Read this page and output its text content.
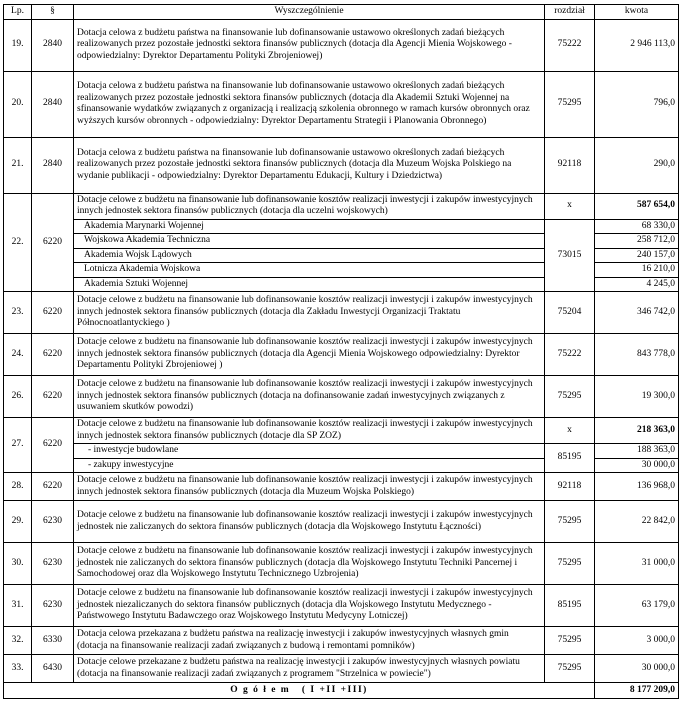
Lp.	§	Wyszczególnienie	rozdział	kwota
19.	2840	Dotacja celowa z budżetu państwa na finansowanie lub dofinansowanie ustawowo określonych zadań bieżących realizowanych przez pozostałe jednostki sektora finansów publicznych (dotacja dla Agencji Mienia Wojskowego - odpowiedzialny: Dyrektor Departamentu Polityki Zbrojeniowej)	75222	2 946 113,0
20.	2840	Dotacja celowa z budżetu państwa na finansowanie lub dofinansowanie ustawowo określonych zadań bieżących realizowanych przez pozostałe jednostki sektora finansów publicznych (dotacja dla Akademii Sztuki Wojennej na sfinansowanie wydatków związanych z organizacją i realizacją szkolenia obronnego w ramach kursów obronnych oraz wyższych kursów obronnych - odpowiedzialny: Dyrektor Departamentu Strategii i Planowania Obronnego)	75295	796,0
21.	2840	Dotacja celowa z budżetu państwa na finansowanie lub dofinansowanie ustawowo określonych zadań bieżących realizowanych przez pozostałe jednostki sektora finansów publicznych (dotacja dla Muzeum Wojska Polskiego na wydanie publikacji - odpowiedzialny: Dyrektor Departamentu Edukacji, Kultury i Dziedzictwa)	92118	290,0
22.	6220	Dotacje celowe z budżetu na finansowanie lub dofinansowanie kosztów realizacji inwestycji i zakupów inwestycyjnych innych jednostek sektora finansów publicznych (dotacja dla uczelni wojskowych)	x	587 654,0
		Akademia Marynarki Wojennej	73015	68 330,0
		Wojskowa Akademia Techniczna		258 712,0
		Akademia Wojsk Lądowych		240 157,0
		Lotnicza Akademia Wojskowa		16 210,0
		Akademia Sztuki Wojennej		4 245,0
23.	6220	Dotacje celowe z budżetu na finansowanie lub dofinansowanie kosztów realizacji inwestycji i zakupów inwestycyjnych innych jednostek sektora finansów publicznych (dotacja dla Zakładu Inwestycji Organizacji Traktatu Północnoatlantyckiego )	75204	346 742,0
24.	6220	Dotacje celowe z budżetu na finansowanie lub dofinansowanie kosztów realizacji inwestycji i zakupów inwestycyjnych innych jednostek sektora finansów publicznych (dotacja dla Agencji Mienia Wojskowego odpowiedzialny: Dyrektor Departamentu Polityki Zbrojeniowej )	75222	843 778,0
26.	6220	Dotacje celowe z budżetu na finansowanie lub dofinansowanie kosztów realizacji inwestycji i zakupów inwestycyjnych innych jednostek sektora finansów publicznych (dotacja na dofinansowanie zadań inwestycyjnych związanych z usuwaniem skutków powodzi)	75295	19 300,0
27.	6220	Dotacje celowe z budżetu na finansowanie lub dofinansowanie kosztów realizacji inwestycji i zakupów inwestycyjnych innych jednostek sektora finansów publicznych (dotacje dla SP ZOZ)	x	218 363,0
		- inwestycje budowlane	85195	188 363,0
		- zakupy inwestycyjne		30 000,0
28.	6220	Dotacje celowe z budżetu na finansowanie lub dofinansowanie kosztów realizacji inwestycji i zakupów inwestycyjnych innych jednostek sektora finansów publicznych (dotacja dla Muzeum Wojska Polskiego)	92118	136 968,0
29.	6230	Dotacje celowe z budżetu na finansowanie lub dofinansowanie kosztów realizacji inwestycji i zakupów inwestycyjnych jednostek nie zaliczanych do sektora finansów publicznych (dotacja dla Wojskowego Instytutu Łączności)	75295	22 842,0
30.	6230	Dotacje celowe z budżetu na finansowanie lub dofinansowanie kosztów realizacji inwestycji i zakupów inwestycyjnych jednostek nie zaliczanych do sektora finansów publicznych (dotacja dla Wojskowego Instytutu Techniki Pancernej i Samochodowej oraz dla Wojskowego Instytutu Technicznego Uzbrojenia)	75295	31 000,0
31.	6230	Dotacje celowe z budżetu na finansowanie lub dofinansowanie kosztów realizacji inwestycji i zakupów inwestycyjnych jednostek niezaliczanych do sektora finansów publicznych (dotacja dla Wojskowego Instytutu Medycznego - Państwowego Instytutu Badawczego oraz Wojskowego Instytutu Medycyny Lotniczej)	85195	63 179,0
32.	6330	Dotacja celowa przekazana z budżetu państwa na realizację inwestycji i zakupów inwestycyjnych własnych gmin (dotacja na finansowanie realizacji zadań związanych z budową i remontami pomników)	75295	3 000,0
33.	6430	Dotacje celowe przekazane z budżetu państwa na realizację inwestycji i zakupów inwestycyjnych własnych powiatu (dotacja na finansowanie realizacji zadań związanych z programem "Strzelnica w powiecie")	75295	30 000,0
O g ó ł e m   ( I +II +III)				8 177 209,0
